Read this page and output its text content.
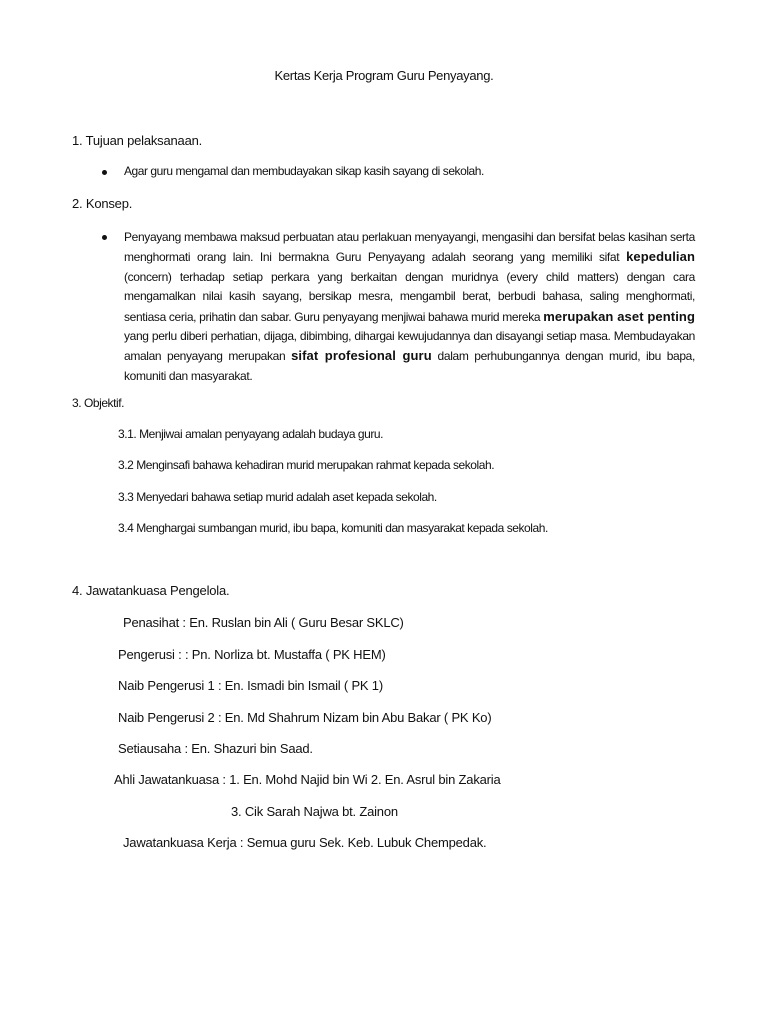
Kertas Kerja Program Guru Penyayang.
1. Tujuan pelaksanaan.
Agar guru mengamal dan membudayakan sikap kasih sayang di sekolah.
2. Konsep.
Penyayang membawa maksud perbuatan atau perlakuan menyayangi, mengasihi dan bersifat belas kasihan serta menghormati orang lain. Ini bermakna Guru Penyayang adalah seorang yang memiliki sifat kepedulian (concern) terhadap setiap perkara yang berkaitan dengan muridnya (every child matters) dengan cara mengamalkan nilai kasih sayang, bersikap mesra, mengambil berat, berbudi bahasa, saling menghormati, sentiasa ceria, prihatin dan sabar. Guru penyayang menjiwai bahawa murid mereka merupakan aset penting yang perlu diberi perhatian, dijaga, dibimbing, dihargai kewujudannya dan disayangi setiap masa. Membudayakan amalan penyayang merupakan sifat profesional guru dalam perhubungannya dengan murid, ibu bapa, komuniti dan masyarakat.
3. Objektif.
3.1. Menjiwai amalan penyayang adalah budaya guru.
3.2 Menginsafi bahawa kehadiran murid merupakan rahmat kepada sekolah.
3.3 Menyedari bahawa setiap murid adalah aset kepada sekolah.
3.4 Menghargai sumbangan murid, ibu bapa, komuniti dan masyarakat kepada sekolah.
4. Jawatankuasa Pengelola.
Penasihat : En. Ruslan bin Ali ( Guru Besar SKLC)
Pengerusi : : Pn. Norliza bt. Mustaffa ( PK HEM)
Naib Pengerusi 1 : En. Ismadi bin Ismail ( PK 1)
Naib Pengerusi 2 : En. Md Shahrum Nizam bin Abu Bakar ( PK Ko)
Setiausaha : En. Shazuri bin Saad.
Ahli Jawatankuasa : 1. En. Mohd Najid bin Wi 2. En. Asrul bin Zakaria
3. Cik Sarah Najwa bt. Zainon
Jawatankuasa Kerja : Semua guru Sek. Keb. Lubuk Chempedak.
